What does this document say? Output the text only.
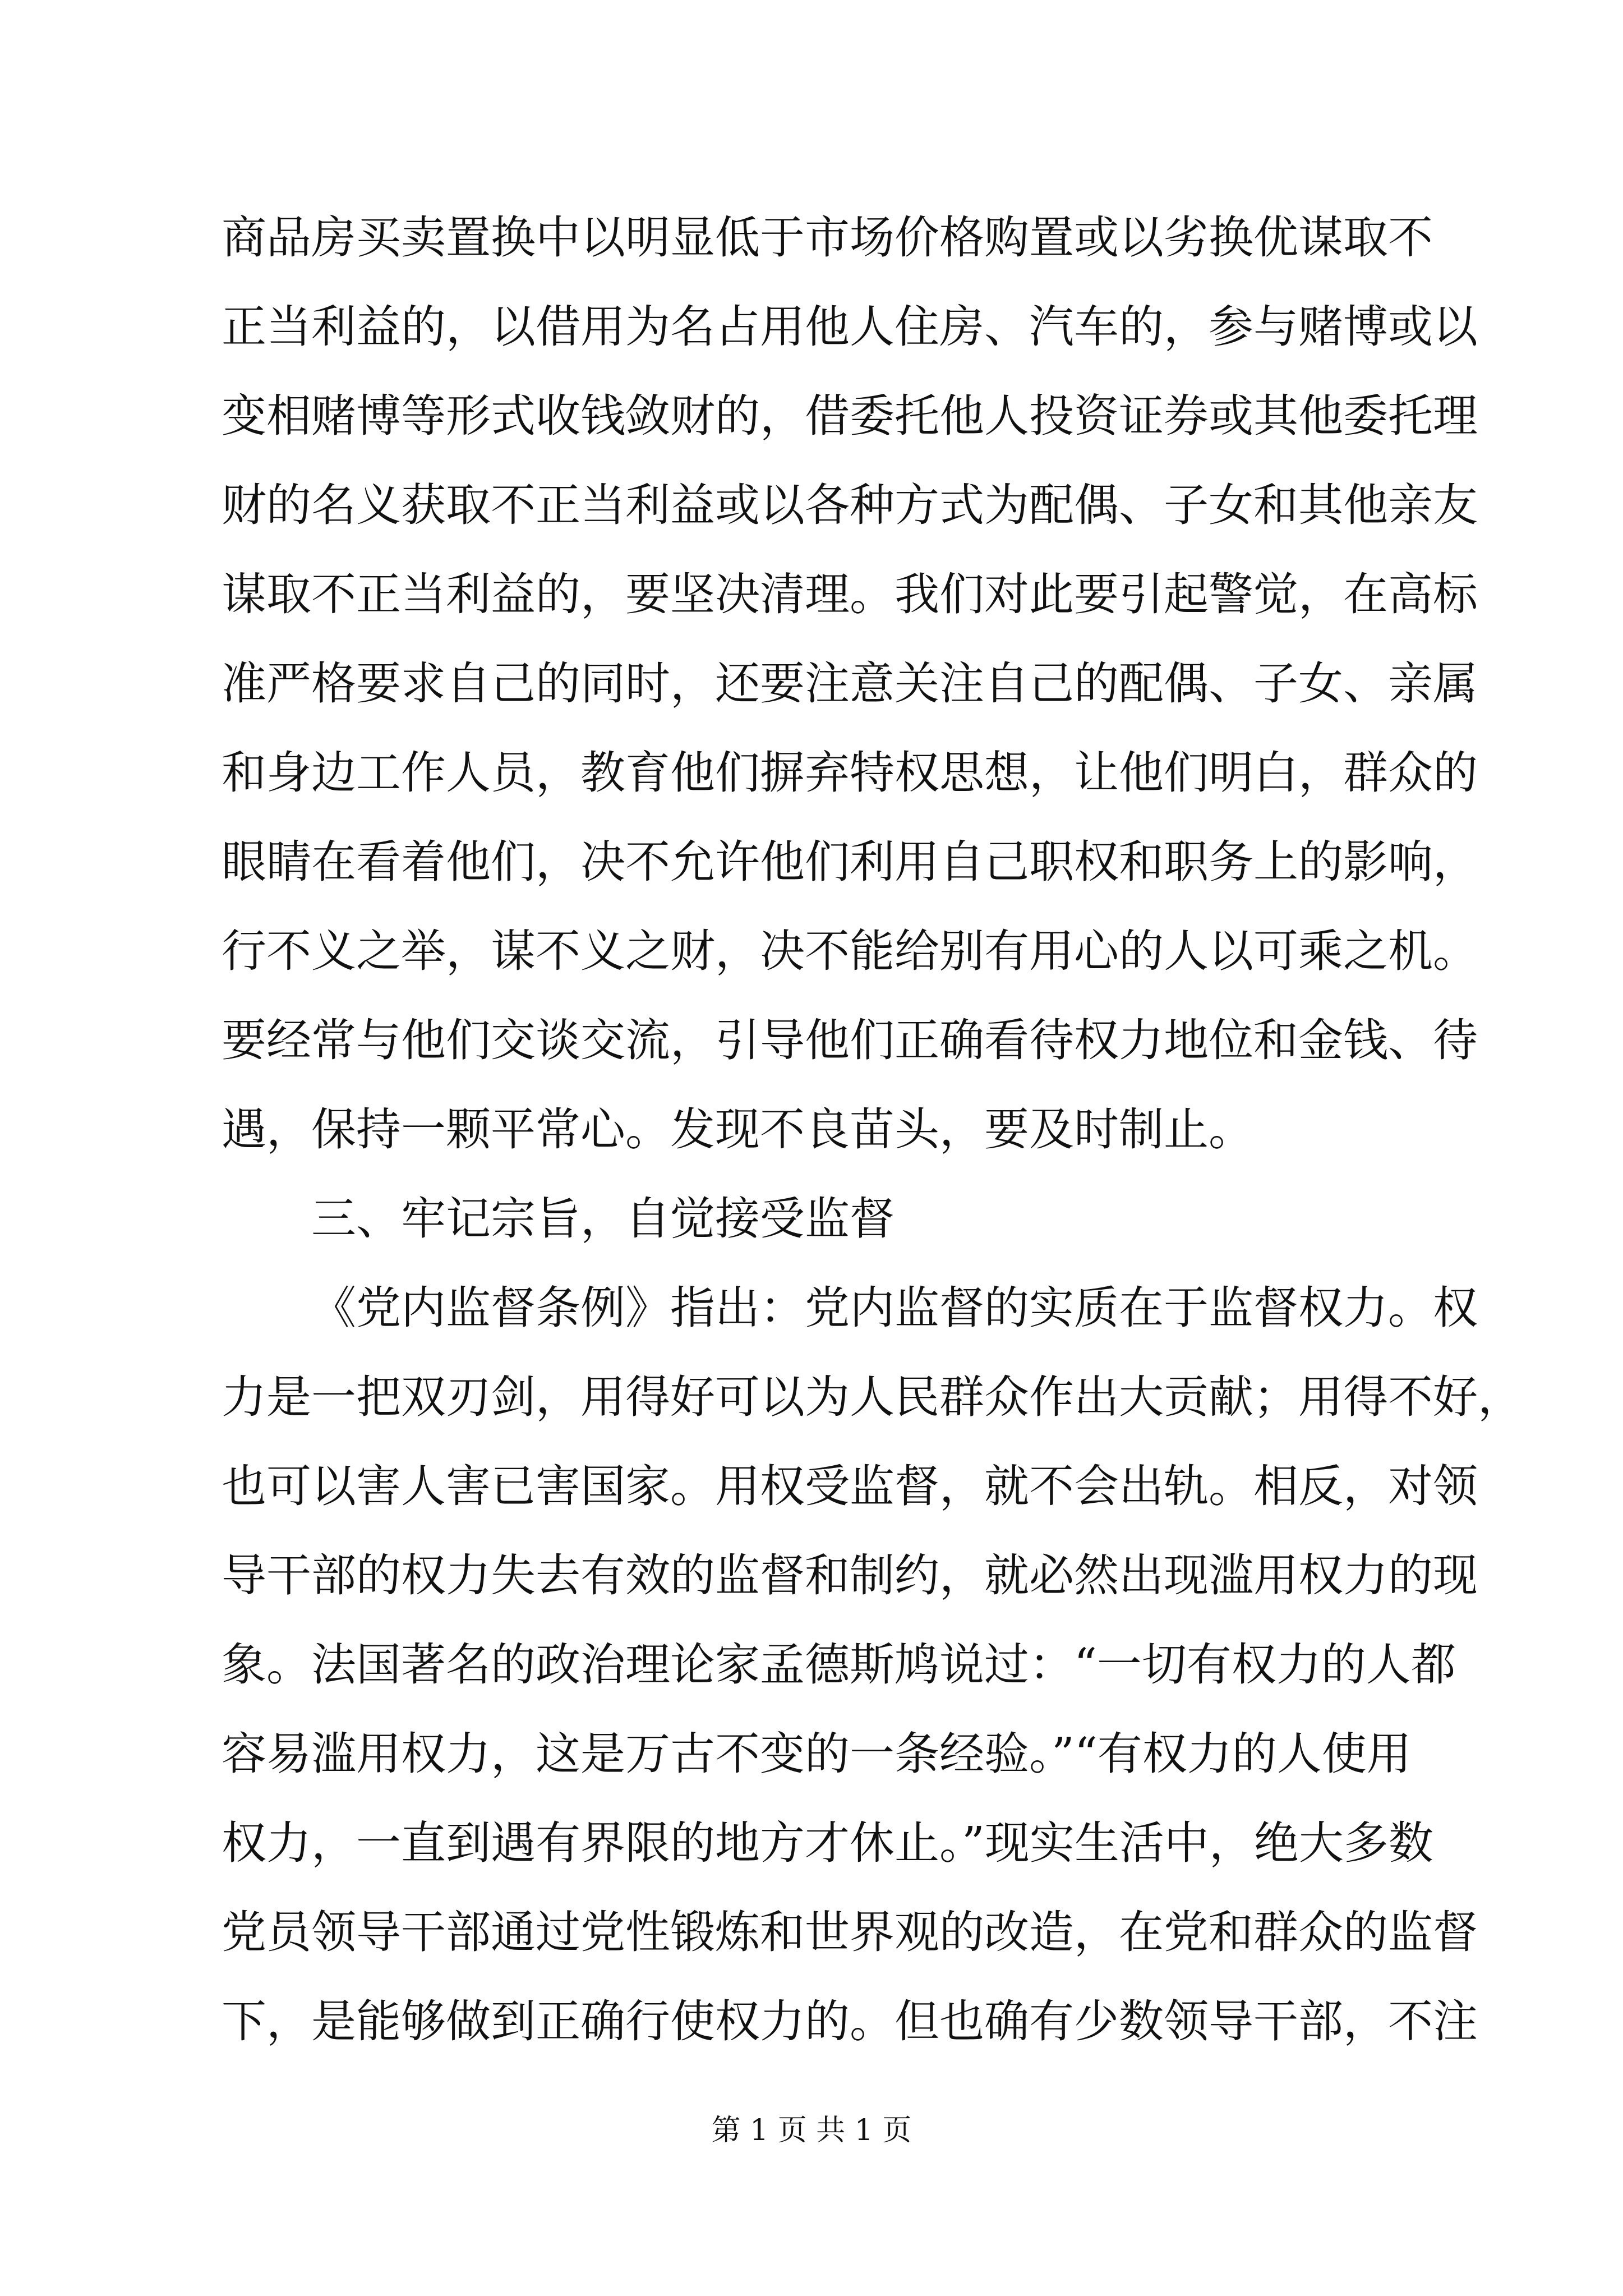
商品房买卖置换中以明显低于市场价格购置或以劣换优谋取不
正当利益的，以借用为名占用他人住房、汽车的，参与赌博或以
变相赌博等形式收钱敛财的，借委托他人投资证券或其他委托理
财的名义获取不正当利益或以各种方式为配偶、子女和其他亲友
谋取不正当利益的，要坚决清理。我们对此要引起警觉，在高标
准严格要求自己的同时，还要注意关注自己的配偶、子女、亲属
和身边工作人员，教育他们摒弃特权思想，让他们明白，群众的
眼睛在看着他们，决不允许他们利用自己职权和职务上的影响，
行不义之举，谋不义之财，决不能给别有用心的人以可乘之机。
要经常与他们交谈交流，引导他们正确看待权力地位和金钱、待
遇，保持一颗平常心。发现不良苗头，要及时制止。
三、牢记宗旨，自觉接受监督
《党内监督条例》指出：党内监督的实质在于监督权力。权
力是一把双刃剑，用得好可以为人民群众作出大贡献；用得不好，
也可以害人害已害国家。用权受监督，就不会出轨。相反，对领
导干部的权力失去有效的监督和制约，就必然出现滥用权力的现
象。法国著名的政治理论家孟德斯鸠说过：“一切有权力的人都
容易滥用权力，这是万古不变的一条经验。”“有权力的人使用
权力，一直到遇有界限的地方才休止。”现实生活中，绝大多数
党员领导干部通过党性锻炼和世界观的改造，在党和群众的监督
下，是能够做到正确行使权力的。但也确有少数领导干部，不注
第 1 页 共 1 页
